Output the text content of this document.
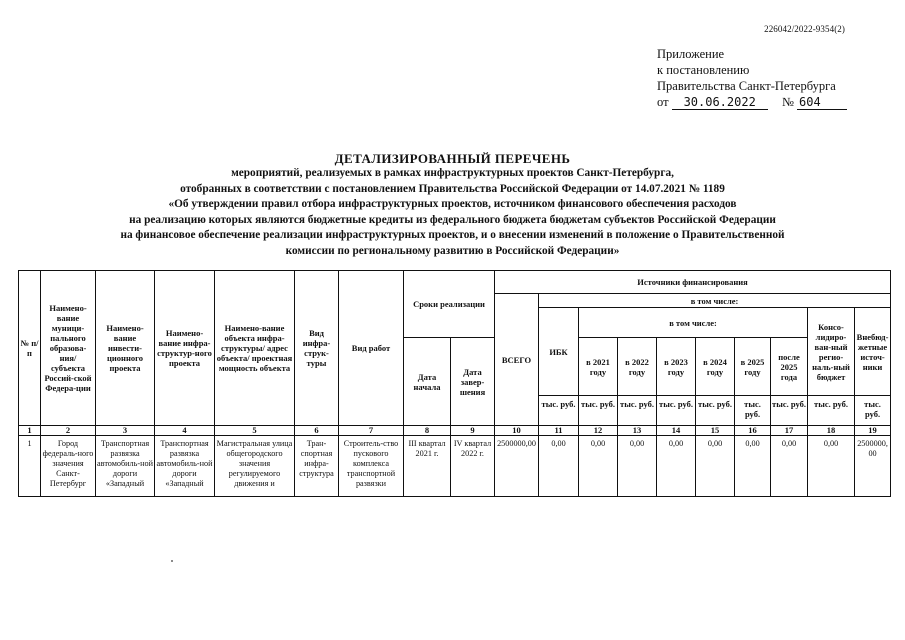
226042/2022-9354(2)
Приложение
к постановлению
Правительства Санкт-Петербурга
от 30.06.2022 № 604
ДЕТАЛИЗИРОВАННЫЙ ПЕРЕЧЕНЬ
мероприятий, реализуемых в рамках инфраструктурных проектов Санкт-Петербурга,
отобранных в соответствии с постановлением Правительства Российской Федерации от 14.07.2021 № 1189
«Об утверждении правил отбора инфраструктурных проектов, источником финансового обеспечения расходов
на реализацию которых являются бюджетные кредиты из федерального бюджета бюджетам субъектов Российской Федерации
на финансовое обеспечение реализации инфраструктурных проектов, и о внесении изменений в положение о Правительственной
комиссии по региональному развитию в Российской Федерации»
№ п/п	Наимено-вание муници-пального образова-ния/ субъекта Россий-ской Федера-ции	Наимено-вание инвести-ционного проекта	Наимено-вание инфра-структур-ного проекта	Наимено-вание объекта инфра-структуры/ адрес объекта/ проектная мощность объекта	Вид инфра-струк-туры	Вид работ	Сроки реализации		Источники финансирования									
									ВСЕГО	в том числе:								
										ИБК	в том числе:						Консо-лидиро-ван-ный регио-наль-ный бюджет	Внебюд-жетные источ-ники
							Дата начала	Дата завер-шения			в 2021 году	в 2022 году	в 2023 году	в 2024 году	в 2025 году	после 2025 года		
										тыс. руб.	тыс. руб.	тыс. руб.	тыс. руб.	тыс. руб.	тыс. руб.	тыс. руб.	тыс. руб.	тыс. руб.
1	2	3	4	5	6	7	8	9	10	11	12	13	14	15	16	17	18	19
1	Город федераль-ного значения Санкт-Петербург	Транспортная развязка автомобиль-ной дороги «Западный	Транспортная развязка автомобиль-ной дороги «Западный	Магистральная улица общегородского значения регулируемого движения и	Тран-спортная инфра-структура	Строитель-ство пускового комплекса транспортной развязки	III квартал 2021 г.	IV квартал 2022 г.	2500000,00	0,00	0,00	0,00	0,00	0,00	0,00	0,00	0,00	2500000, 00
